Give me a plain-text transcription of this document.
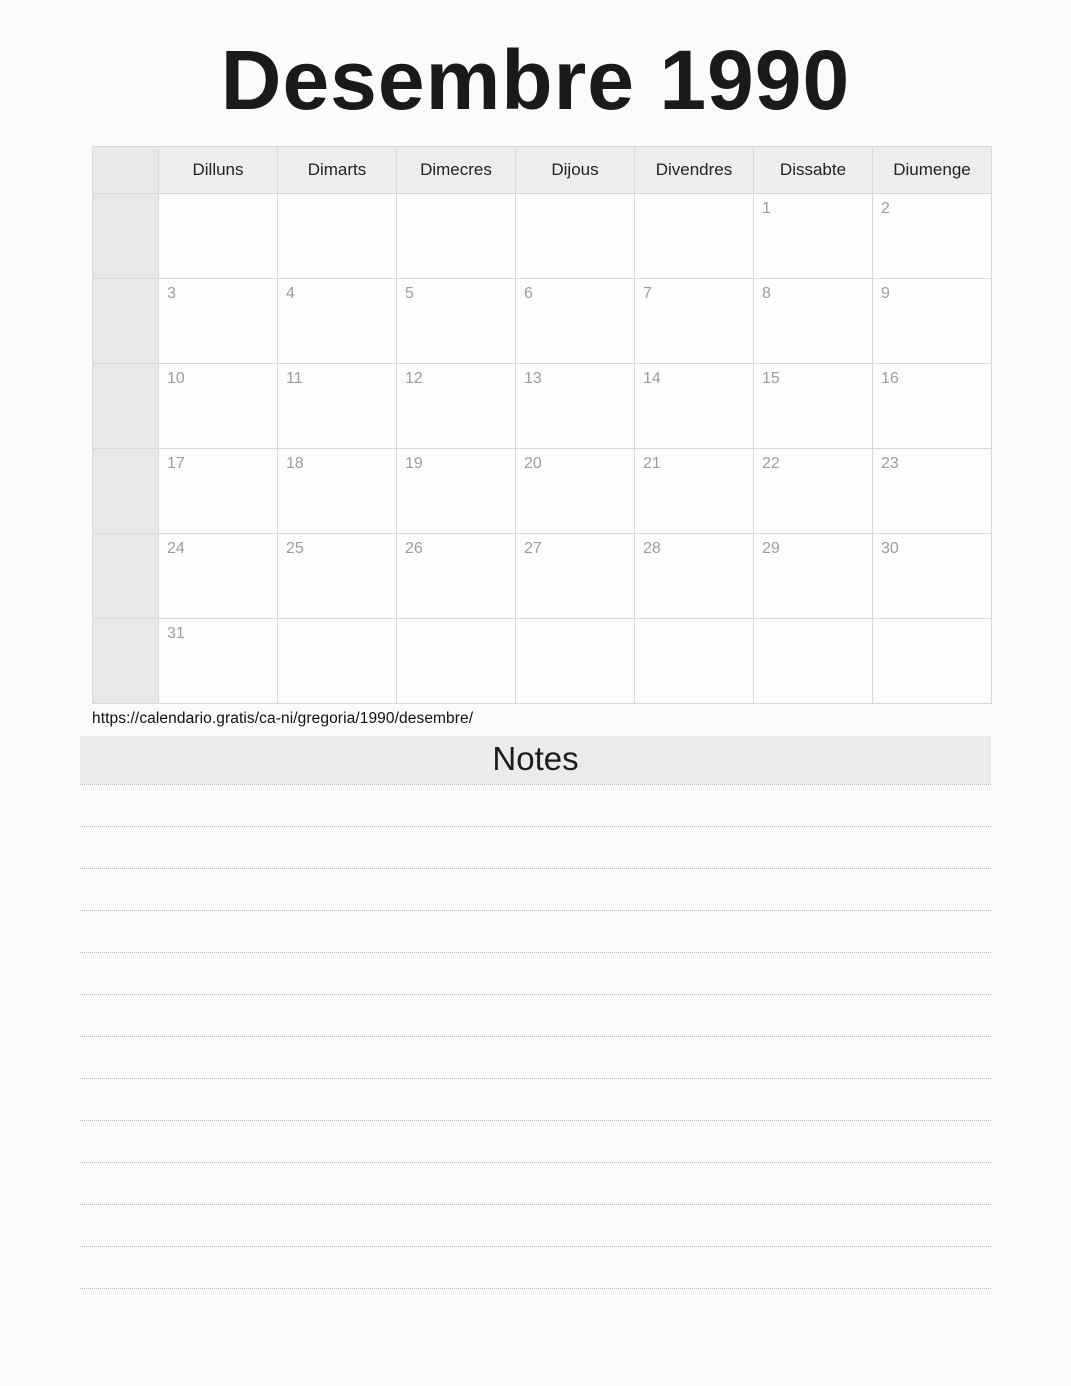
Desembre 1990
	Dilluns	Dimarts	Dimecres	Dijous	Divendres	Dissabte	Diumenge

						1	2

	3	4	5	6	7	8	9

	10	11	12	13	14	15	16

	17	18	19	20	21	22	23

	24	25	26	27	28	29	30

	31						

https://calendario.gratis/ca-ni/gregoria/1990/desembre/
Notes
